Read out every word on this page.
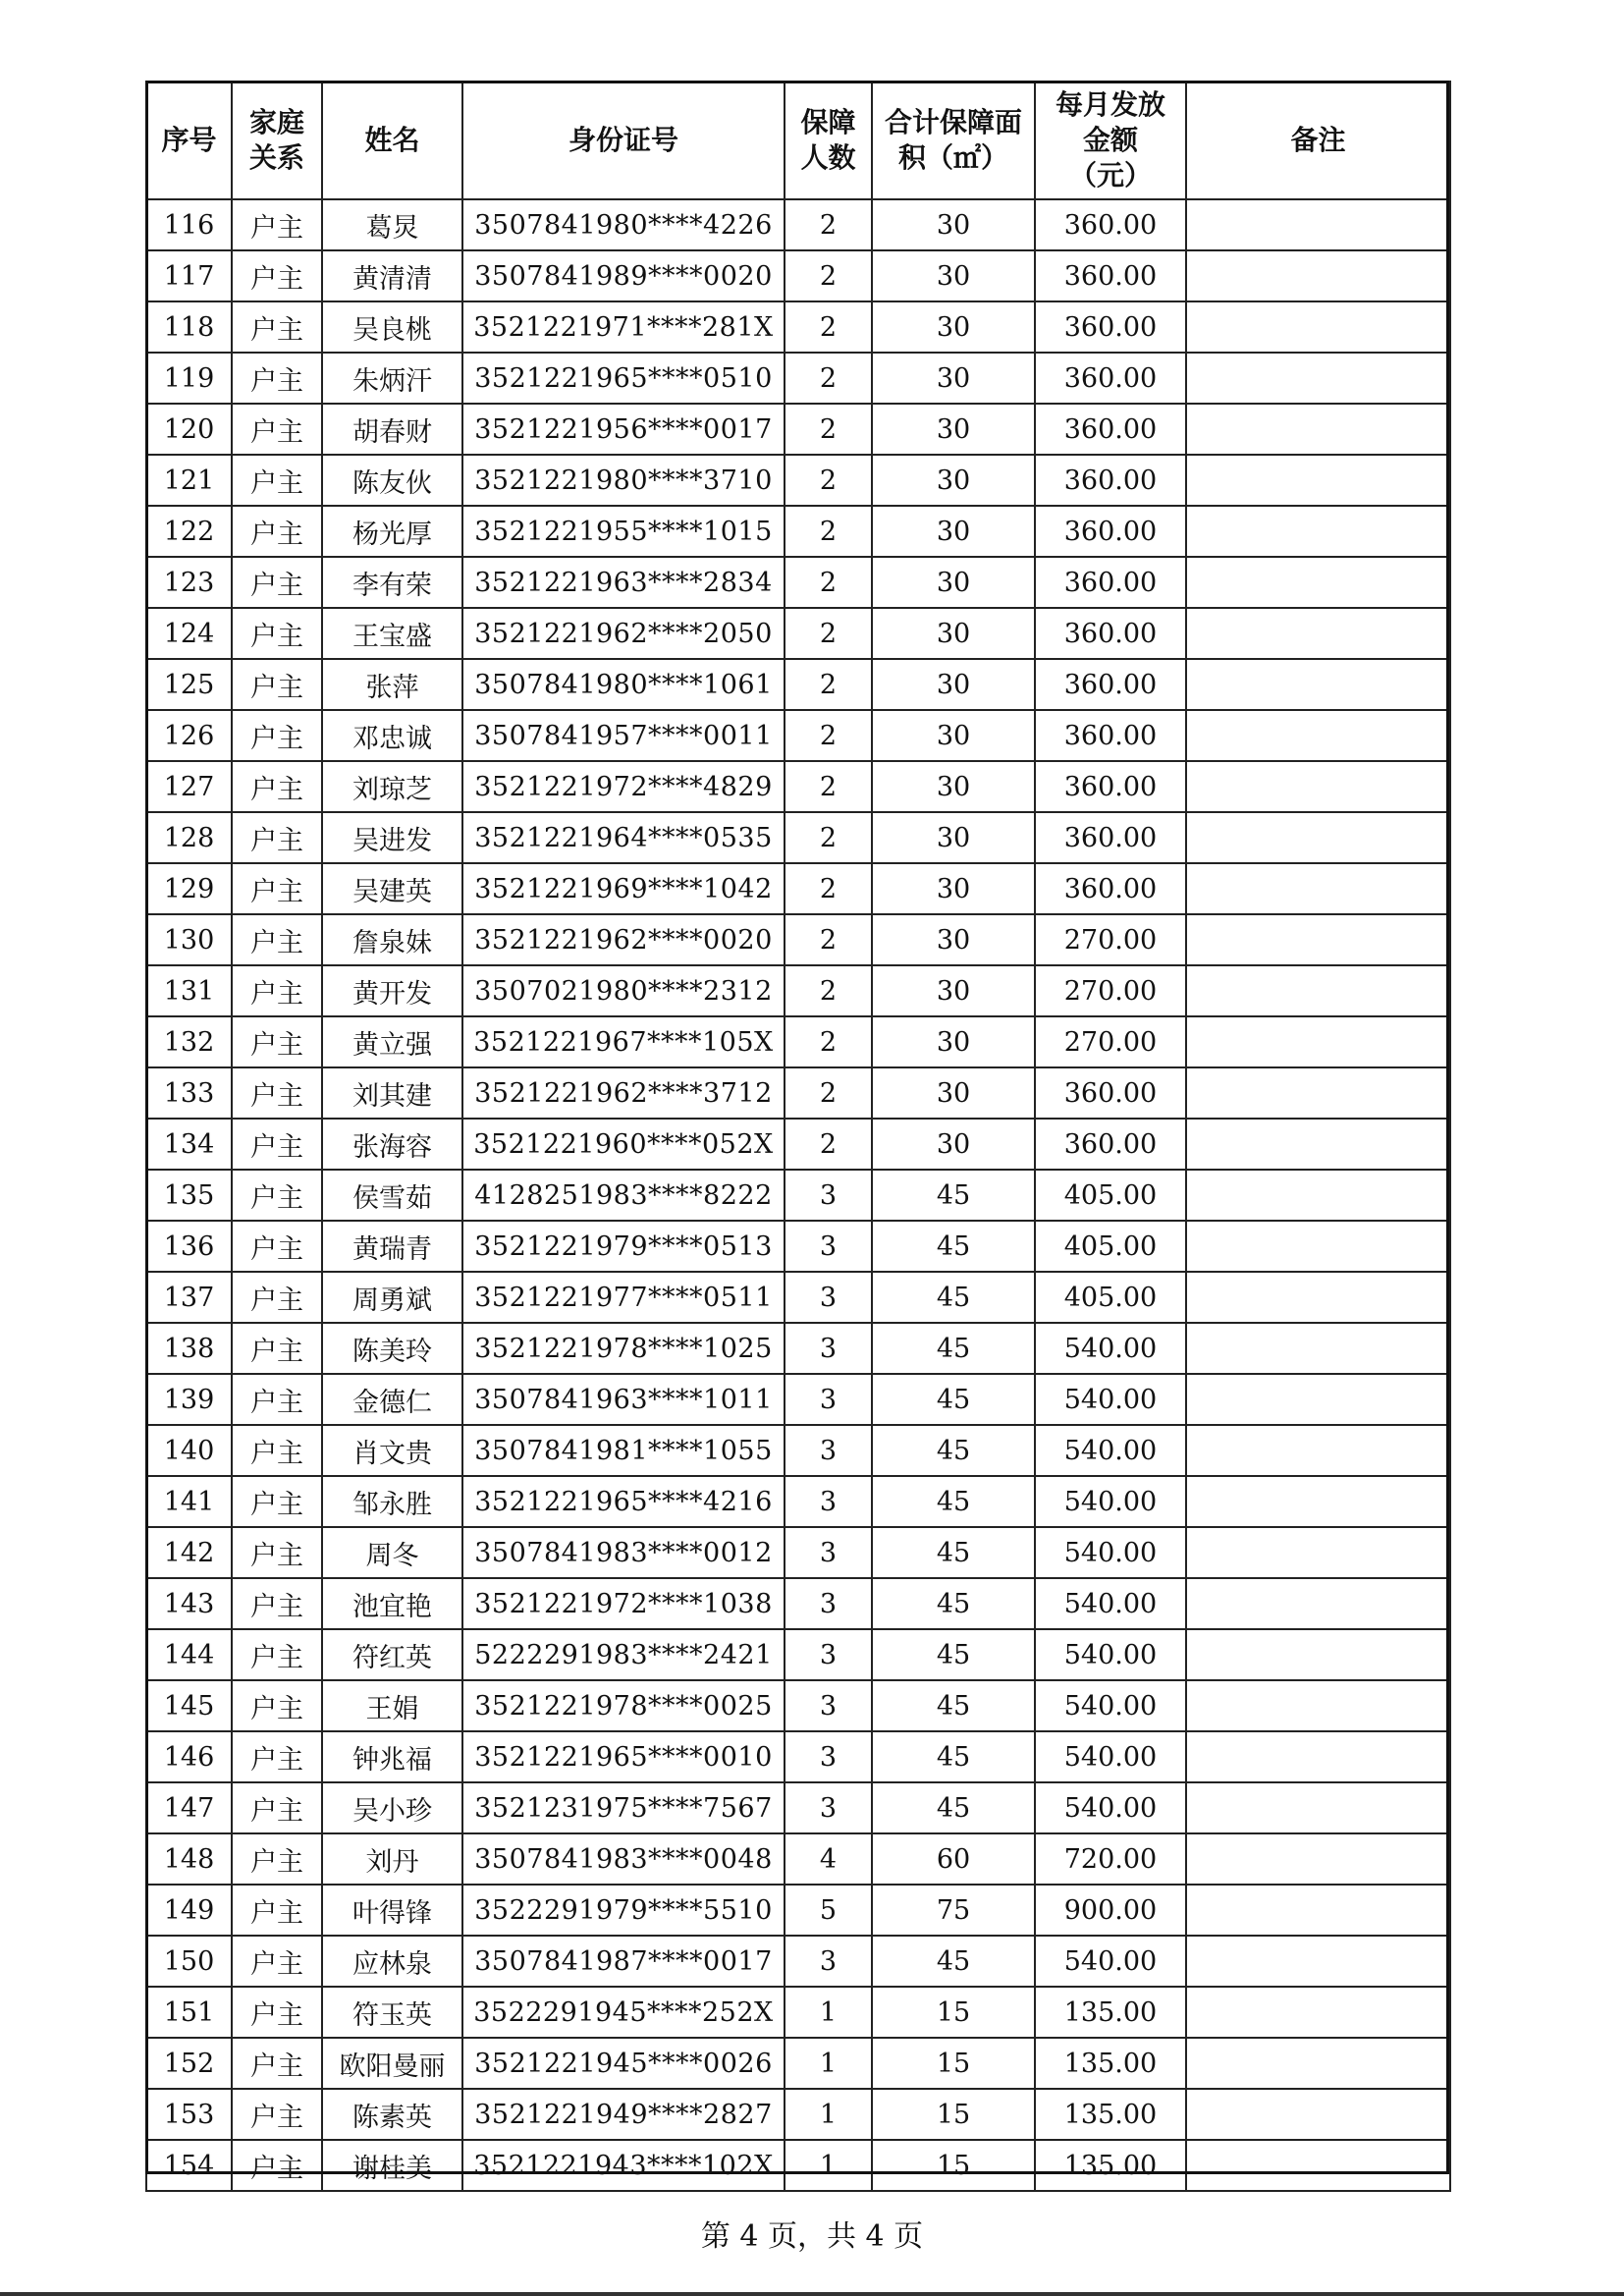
序号	家庭关系	姓名	身份证号	保障人数	合计保障面积（㎡）	每月发放金额（元）	备注
116	户主	葛炅	3507841980****4226	2	30	360.00	
117	户主	黄清清	3507841989****0020	2	30	360.00	
118	户主	吴良桃	3521221971****281X	2	30	360.00	
119	户主	朱炳汗	3521221965****0510	2	30	360.00	
120	户主	胡春财	3521221956****0017	2	30	360.00	
121	户主	陈友伙	3521221980****3710	2	30	360.00	
122	户主	杨光厚	3521221955****1015	2	30	360.00	
123	户主	李有荣	3521221963****2834	2	30	360.00	
124	户主	王宝盛	3521221962****2050	2	30	360.00	
125	户主	张萍	3507841980****1061	2	30	360.00	
126	户主	邓忠诚	3507841957****0011	2	30	360.00	
127	户主	刘琼芝	3521221972****4829	2	30	360.00	
128	户主	吴进发	3521221964****0535	2	30	360.00	
129	户主	吴建英	3521221969****1042	2	30	360.00	
130	户主	詹泉妹	3521221962****0020	2	30	270.00	
131	户主	黄开发	3507021980****2312	2	30	270.00	
132	户主	黄立强	3521221967****105X	2	30	270.00	
133	户主	刘其建	3521221962****3712	2	30	360.00	
134	户主	张海容	3521221960****052X	2	30	360.00	
135	户主	侯雪茹	4128251983****8222	3	45	405.00	
136	户主	黄瑞青	3521221979****0513	3	45	405.00	
137	户主	周勇斌	3521221977****0511	3	45	405.00	
138	户主	陈美玲	3521221978****1025	3	45	540.00	
139	户主	金德仁	3507841963****1011	3	45	540.00	
140	户主	肖文贵	3507841981****1055	3	45	540.00	
141	户主	邹永胜	3521221965****4216	3	45	540.00	
142	户主	周冬	3507841983****0012	3	45	540.00	
143	户主	池宜艳	3521221972****1038	3	45	540.00	
144	户主	符红英	5222291983****2421	3	45	540.00	
145	户主	王娟	3521221978****0025	3	45	540.00	
146	户主	钟兆福	3521221965****0010	3	45	540.00	
147	户主	吴小珍	3521231975****7567	3	45	540.00	
148	户主	刘丹	3507841983****0048	4	60	720.00	
149	户主	叶得锋	3522291979****5510	5	75	900.00	
150	户主	应林泉	3507841987****0017	3	45	540.00	
151	户主	符玉英	3522291945****252X	1	15	135.00	
152	户主	欧阳曼丽	3521221945****0026	1	15	135.00	
153	户主	陈素英	3521221949****2827	1	15	135.00	
154	户主	谢桂美	3521221943****102X	1	15	135.00	
第 4 页，共 4 页
